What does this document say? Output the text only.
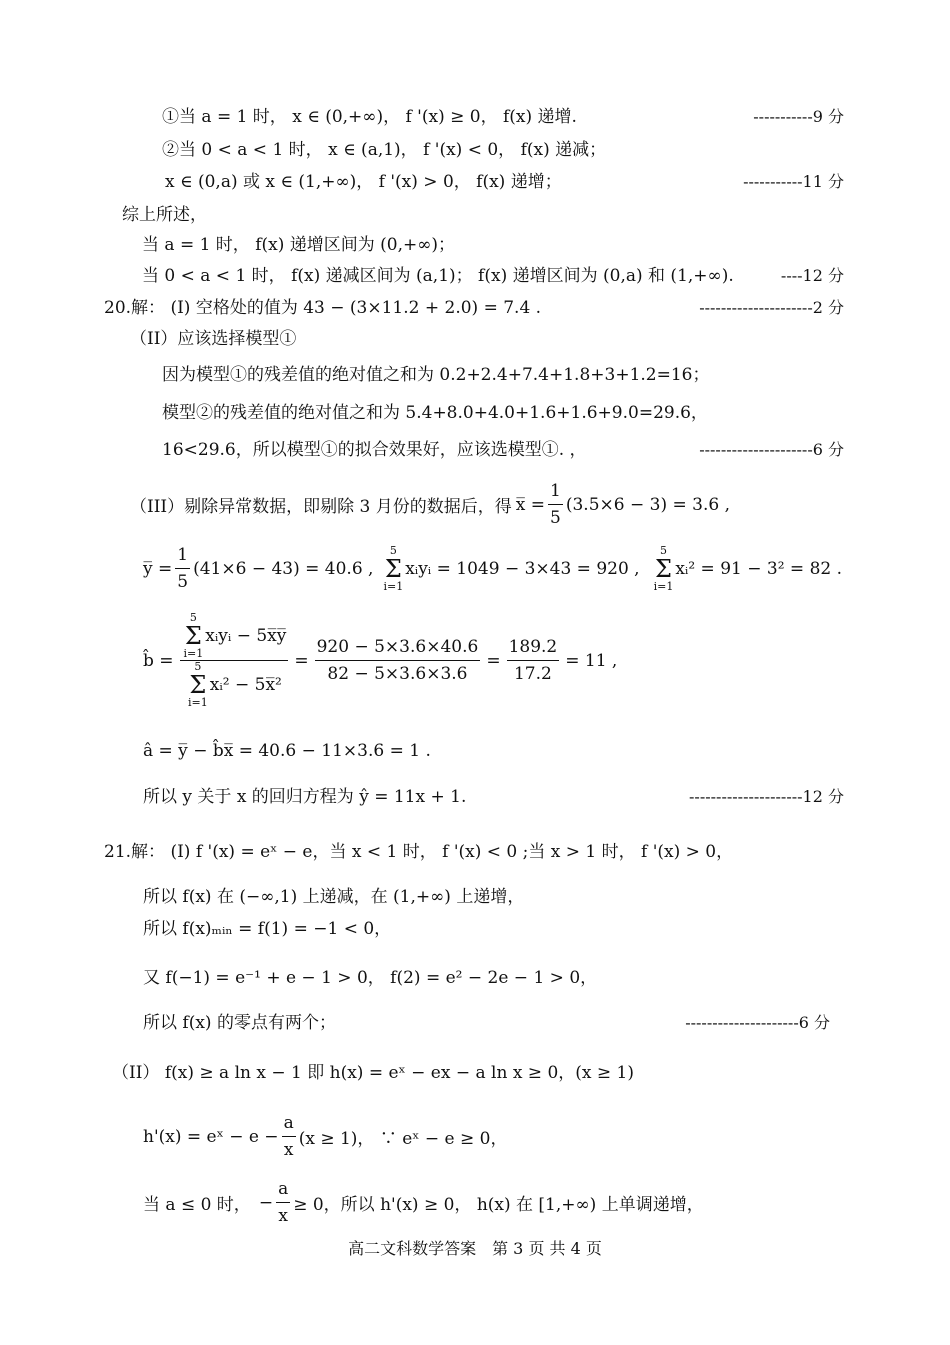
①当 a = 1 时， x ∈ (0,+∞)， f '(x) ≥ 0， f(x) 递增.	-----------9 分
②当 0 < a < 1 时， x ∈ (a,1)， f '(x) < 0， f(x) 递减；
x ∈ (0,a) 或 x ∈ (1,+∞)， f '(x) > 0， f(x) 递增；	-----------11 分
综上所述，
当 a = 1 时， f(x) 递增区间为 (0,+∞)；
当 0 < a < 1 时， f(x) 递减区间为 (a,1)； f(x) 递增区间为 (0,a) 和 (1,+∞).	----12 分
20.解： (I) 空格处的值为 43 − (3×11.2 + 2.0) = 7.4 .	---------------------2 分
（II）应该选择模型①
因为模型①的残差值的绝对值之和为 0.2+2.4+7.4+1.8+3+1.2=16；
模型②的残差值的绝对值之和为 5.4+8.0+4.0+1.6+1.6+9.0=29.6，
16<29.6，所以模型①的拟合效果好，应该选模型①. ，	---------------------6 分
（III）剔除异常数据，即剔除 3 月份的数据后，得 x̅ = $\frac{1}{5} (3.5\times 6 - 3) = 3.6$ ,
y̅ = $\frac{1}{5} (41\times 6 - 43) = 40.6$ ,
5
Σ
i=1
xᵢyᵢ = 1049 − 3×43 = 920 ,
5
Σ
i=1
xᵢ² = 91 − 3² = 82 .
b̂ =
5
Σ
i=1
xᵢyᵢ − 5x̅y̅
5
Σ
i=1
xᵢ² − 5x̅²
= $\frac{920 - 5\times 3.6\times 40.6}{82 - 5\times 3.6\times 3.6} = \frac{189.2}{17.2} = 11$ ,
â = y̅ − b̂x̅ = 40.6 − 11×3.6 = 1 .
所以 y 关于 x 的回归方程为 ŷ = 11x + 1.	---------------------12 分
21.解： (I) f '(x) = eˣ − e，当 x < 1 时， f '(x) < 0 ;当 x > 1 时， f '(x) > 0，
所以 f(x) 在 (−∞,1) 上递减，在 (1,+∞) 上递增，
所以 f(x)ₘᵢₙ = f(1) = −1 < 0，
又 f(−1) = e⁻¹ + e − 1 > 0， f(2) = e² − 2e − 1 > 0，
所以 f(x) 的零点有两个；	---------------------6 分
（II） f(x) ≥ a ln x − 1 即 h(x) = eˣ − ex − a ln x ≥ 0，(x ≥ 1)
h'(x) = eˣ − $e - \frac{a}{x} (x \ge 1)$， ∵ eˣ − e ≥ 0，
当 a ≤ 0 时， − $\frac{a}{x} \ge 0$，所以 h'(x) ≥ 0， h(x) 在 [1,+∞) 上单调递增，
高二文科数学答案　第 3 页 共 4 页
